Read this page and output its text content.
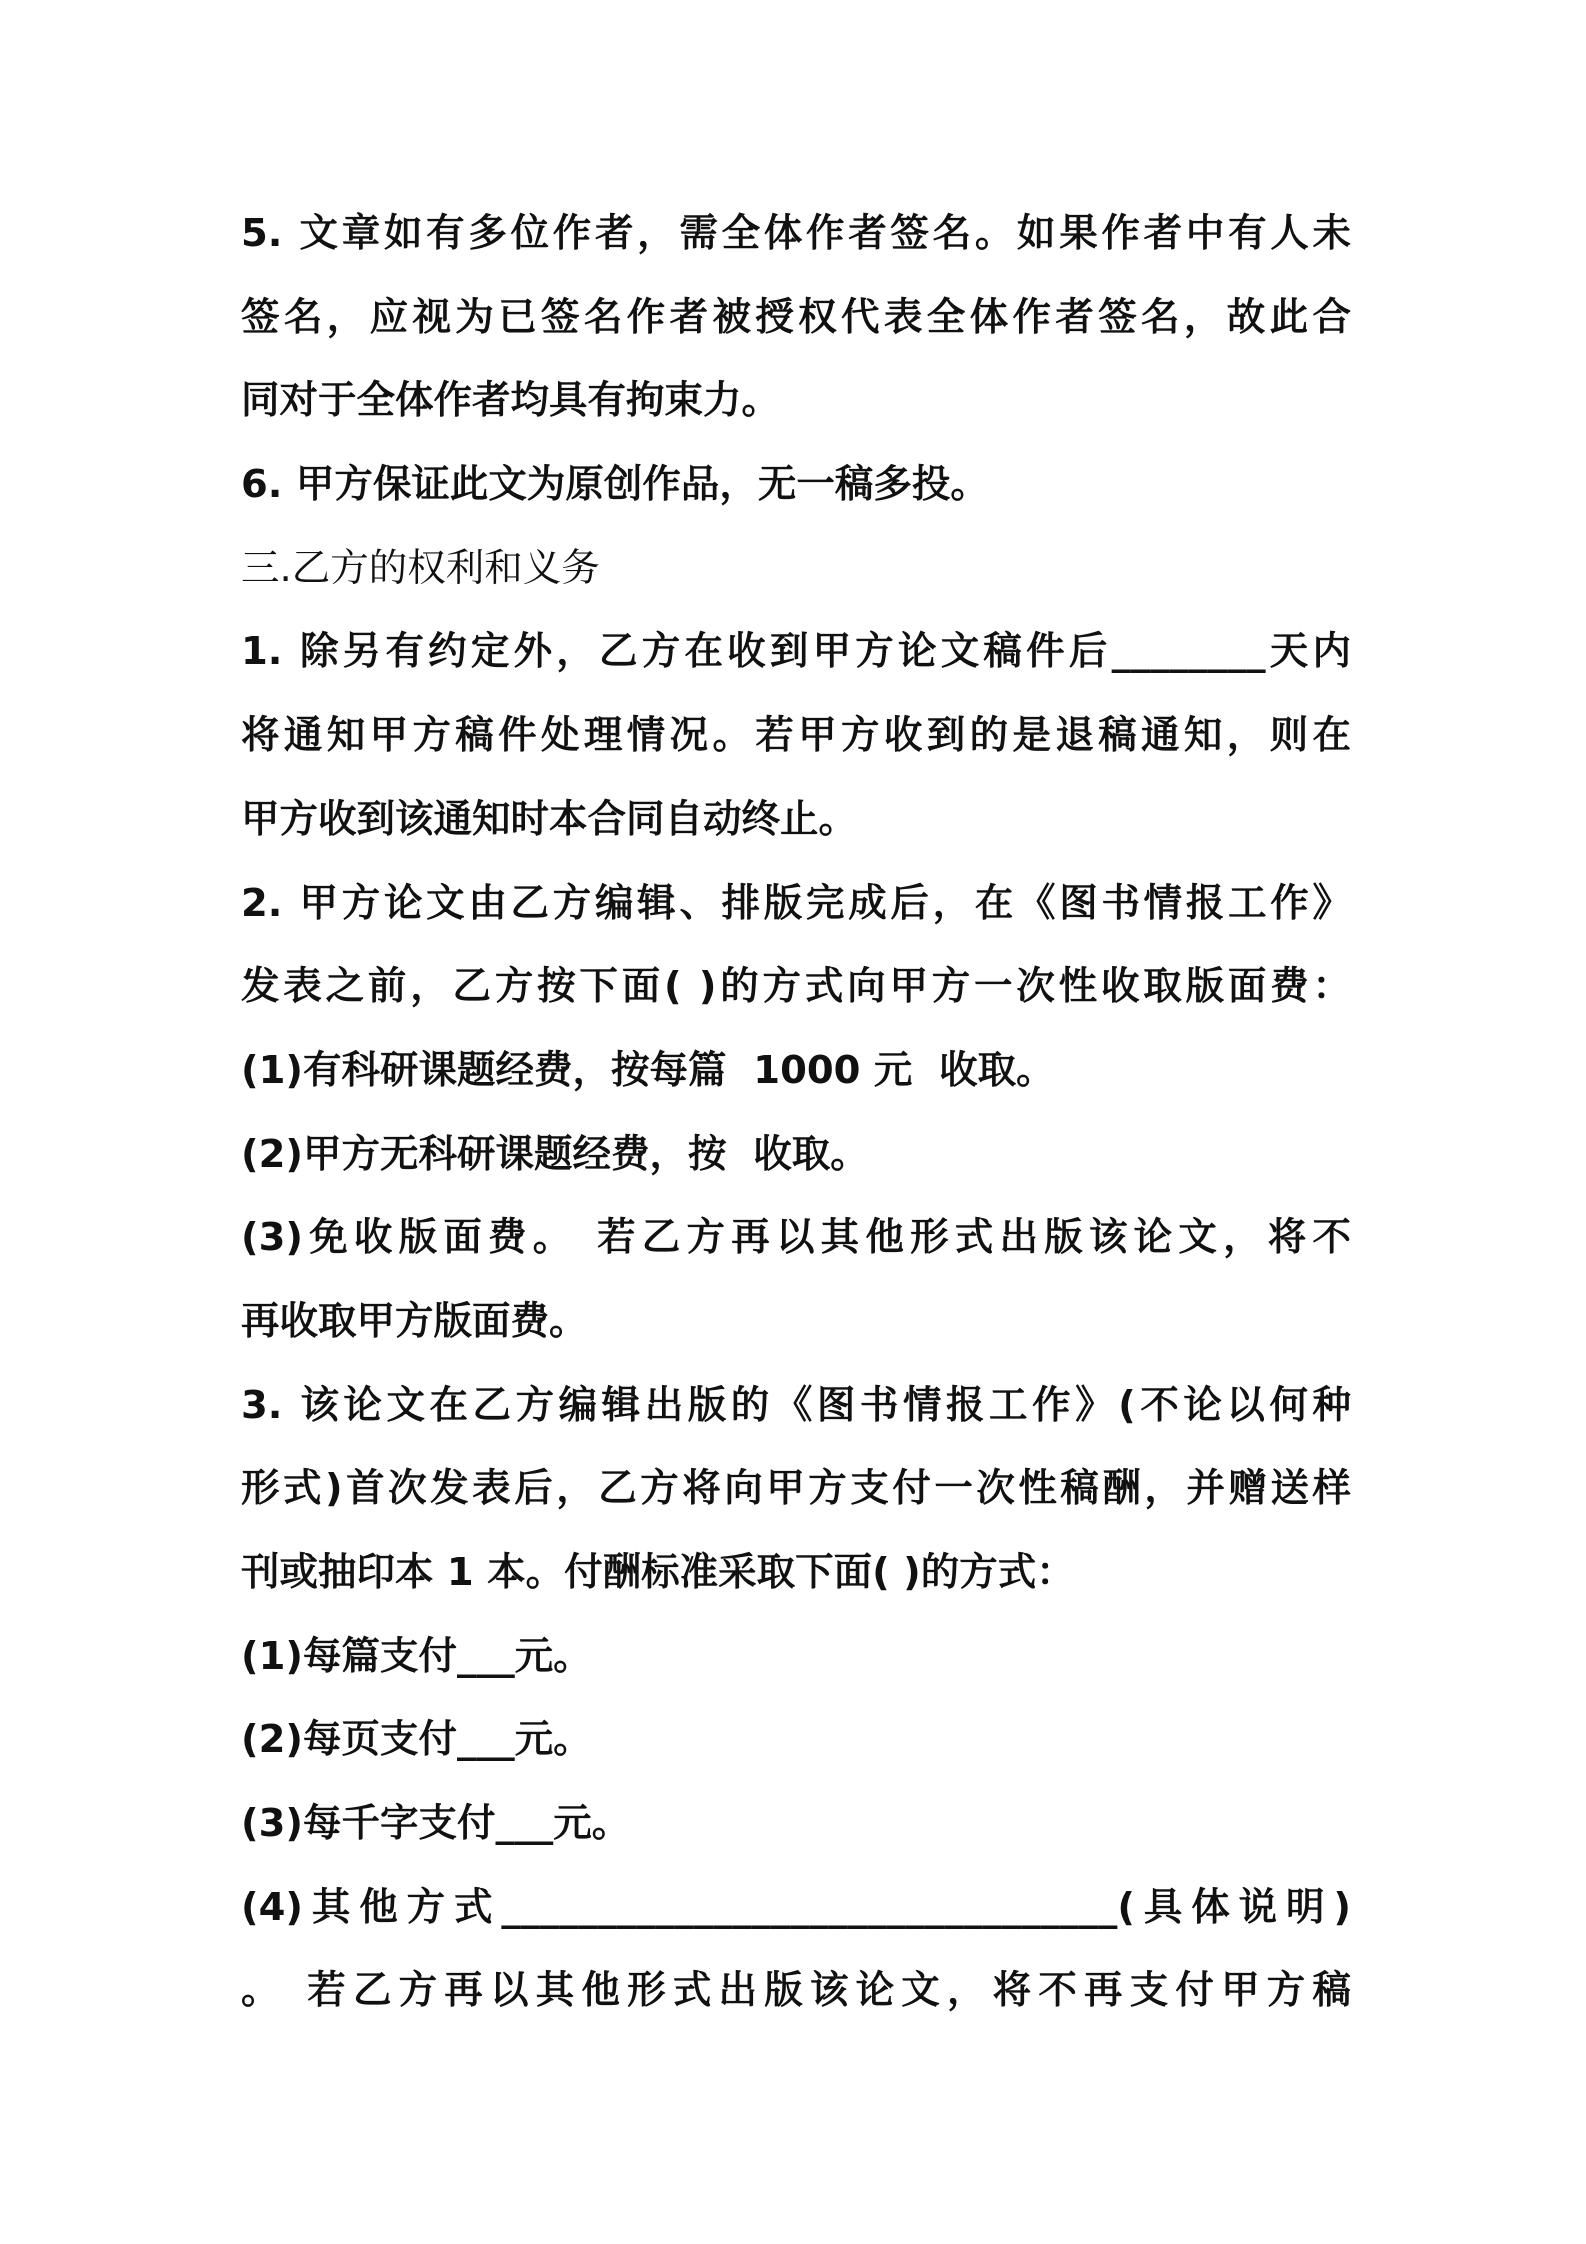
5. 文章如有多位作者，需全体作者签名。如果作者中有人未
签名，应视为已签名作者被授权代表全体作者签名，故此合
同对于全体作者均具有拘束力。
6. 甲方保证此文为原创作品，无一稿多投。
三.乙方的权利和义务
1. 除另有约定外，乙方在收到甲方论文稿件后________天内
将通知甲方稿件处理情况。若甲方收到的是退稿通知，则在
甲方收到该通知时本合同自动终止。
2. 甲方论文由乙方编辑、排版完成后，在《图书情报工作》
发表之前，乙方按下面( )的方式向甲方一次性收取版面费：
(1)有科研课题经费，按每篇  1000 元  收取。
(2)甲方无科研课题经费，按  收取。
(3)免收版面费。 若乙方再以其他形式出版该论文，将不
再收取甲方版面费。
3. 该论文在乙方编辑出版的《图书情报工作》(不论以何种
形式)首次发表后，乙方将向甲方支付一次性稿酬，并赠送样
刊或抽印本 1 本。付酬标准采取下面( )的方式：
(1)每篇支付___元。
(2)每页支付___元。
(3)每千字支付___元。
(4)其他方式________________________________(具体说明)
。 若乙方再以其他形式出版该论文，将不再支付甲方稿
